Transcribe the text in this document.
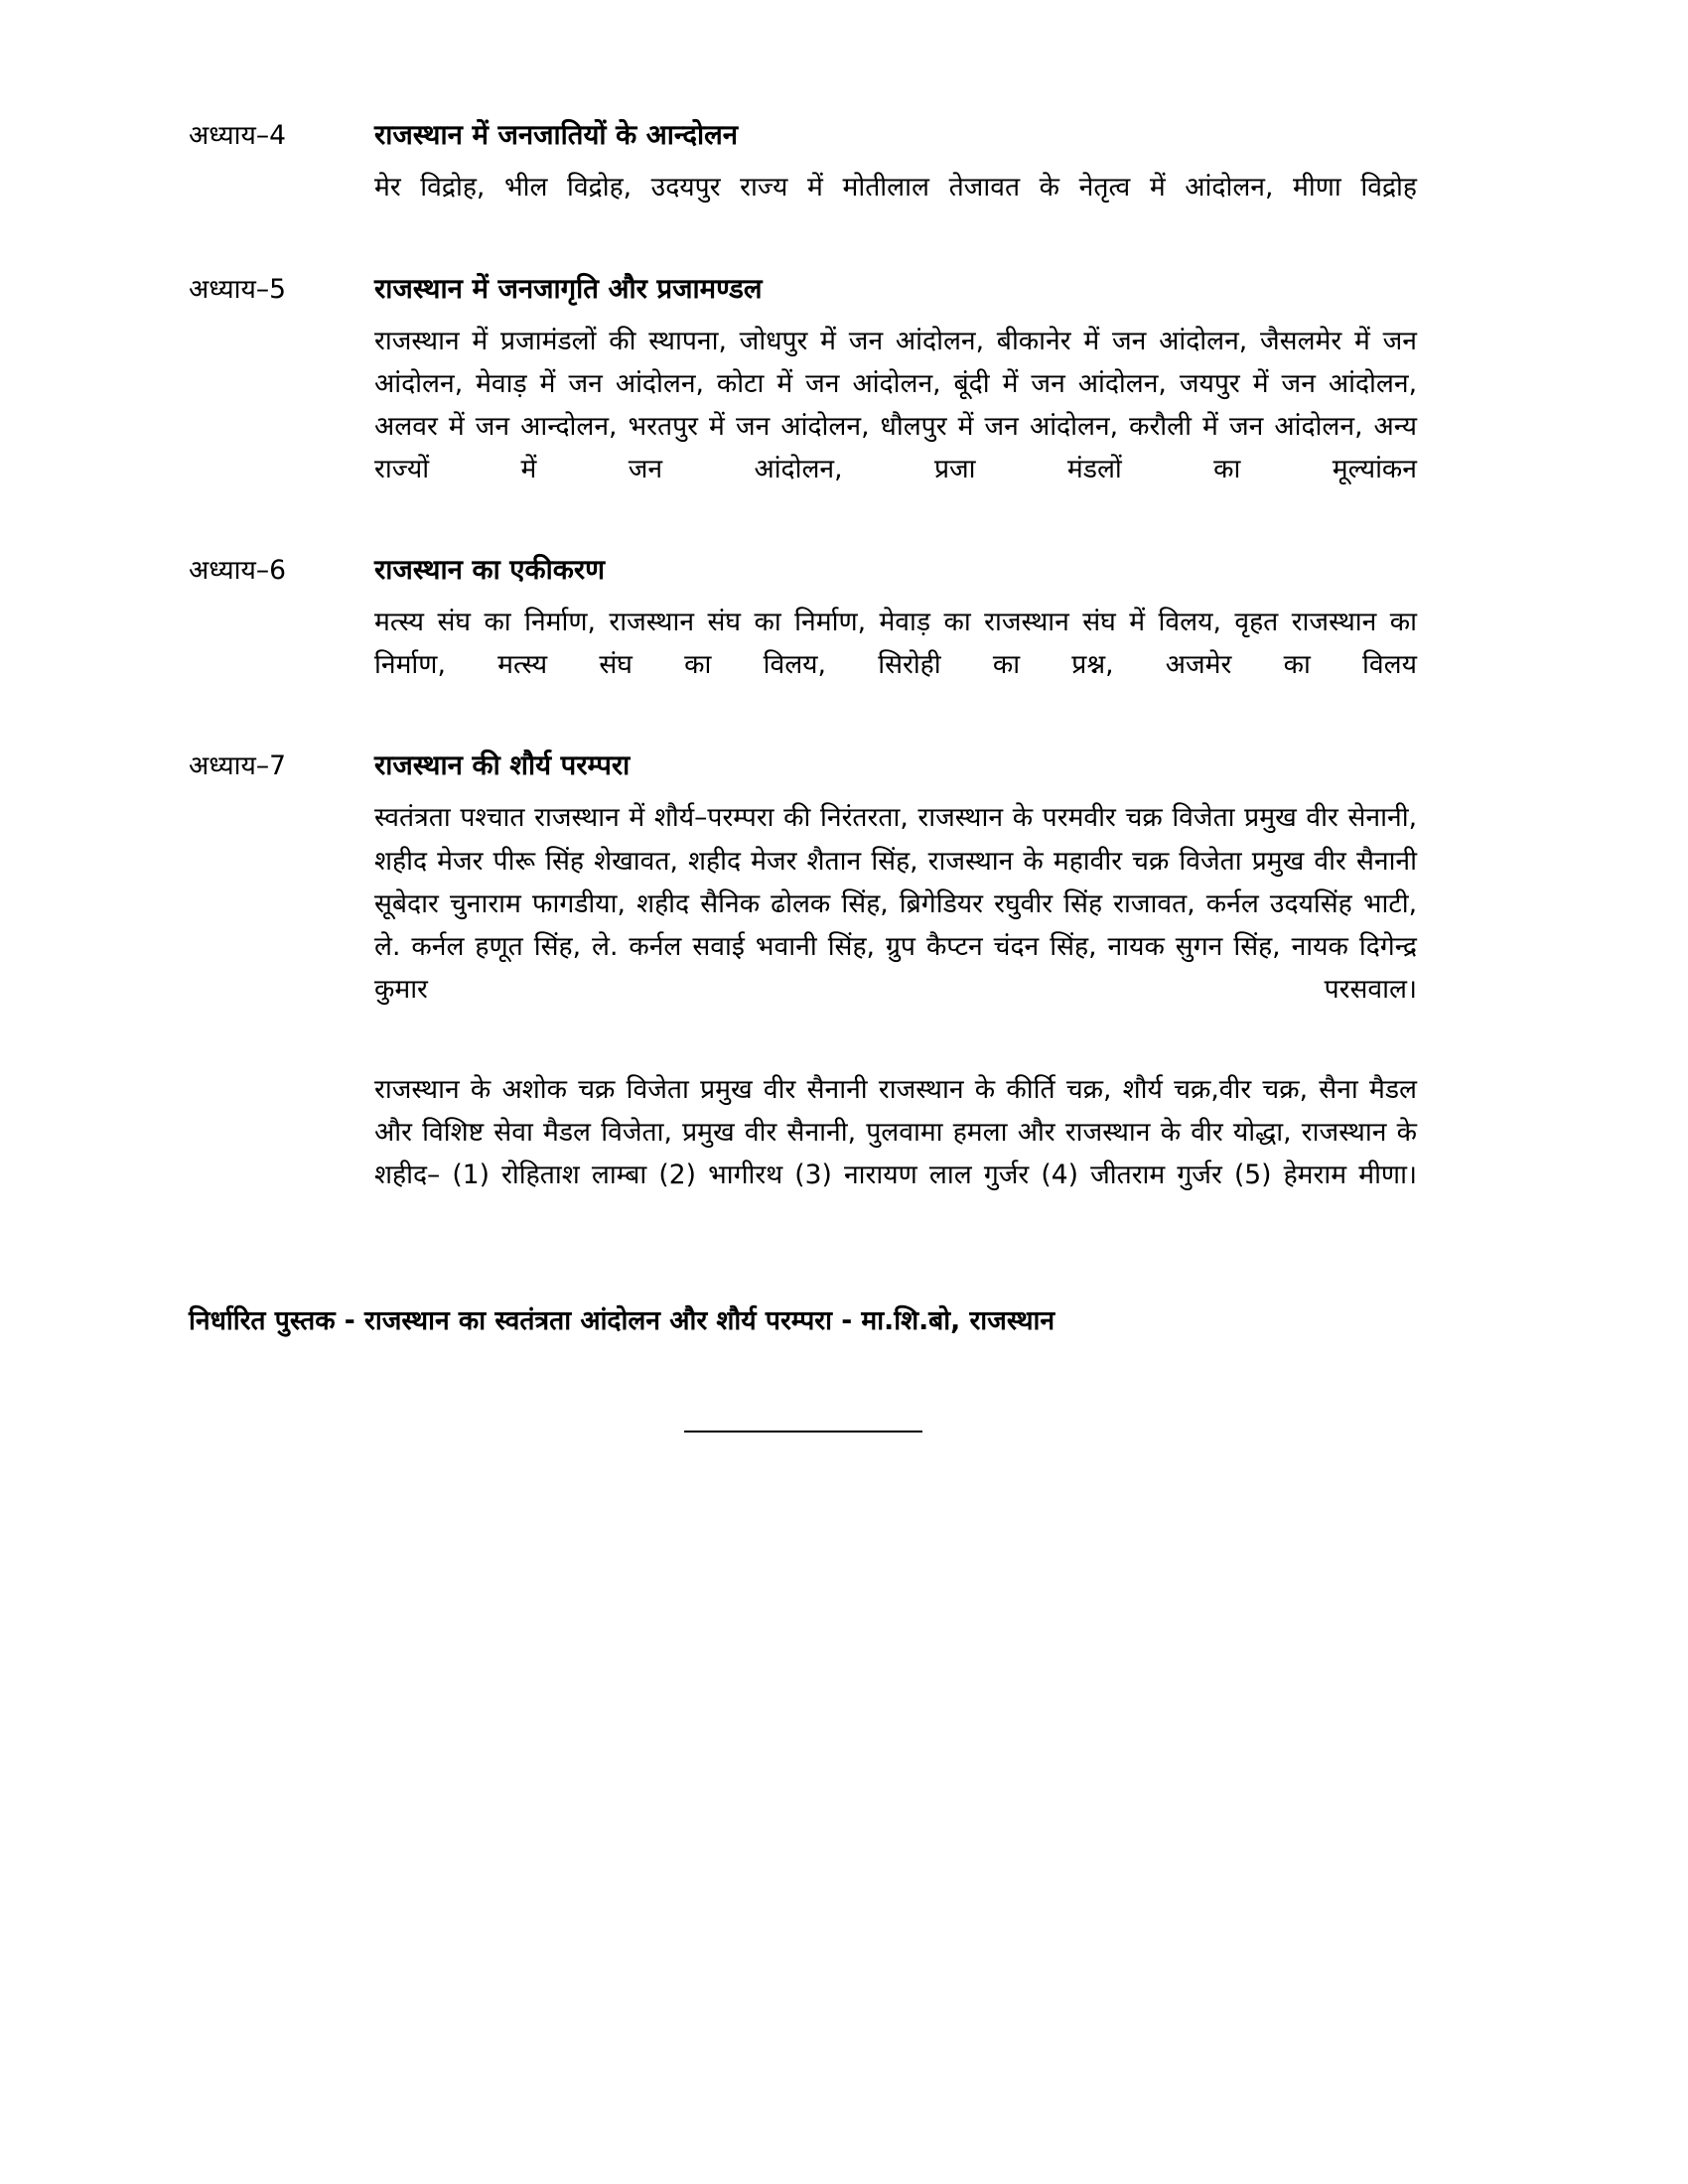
अध्याय–4	राजस्थान में जनजातियों के आन्दोलन

मेर विद्रोह, भील विद्रोह, उदयपुर राज्य में मोतीलाल तेजावत के नेतृत्व में आंदोलन, मीणा विद्रोह

अध्याय–5	राजस्थान में जनजागृति और प्रजामण्डल

राजस्थान में प्रजामंडलों की स्थापना, जोधपुर में जन आंदोलन, बीकानेर में जन आंदोलन, जैसलमेर में जन आंदोलन, मेवाड़ में जन आंदोलन, कोटा में जन आंदोलन, बूंदी में जन आंदोलन, जयपुर में जन आंदोलन, अलवर में जन आन्दोलन, भरतपुर में जन आंदोलन, धौलपुर में जन आंदोलन, करौली में जन आंदोलन, अन्य राज्यों में जन आंदोलन, प्रजा मंडलों का मूल्यांकन

अध्याय–6	राजस्थान का एकीकरण

मत्स्य संघ का निर्माण, राजस्थान संघ का निर्माण, मेवाड़ का राजस्थान संघ में विलय, वृहत राजस्थान का निर्माण, मत्स्य संघ का विलय, सिरोही का प्रश्न, अजमेर का विलय

अध्याय–7	राजस्थान की शौर्य परम्परा

स्वतंत्रता पश्चात राजस्थान में शौर्य–परम्परा की निरंतरता, राजस्थान के परमवीर चक्र विजेता प्रमुख वीर सेनानी, शहीद मेजर पीरू सिंह शेखावत, शहीद मेजर शैतान सिंह, राजस्थान के महावीर चक्र विजेता प्रमुख वीर सैनानी सूबेदार चुनाराम फागडीया, शहीद सैनिक ढोलक सिंह, ब्रिगेडियर रघुवीर सिंह राजावत, कर्नल उदयसिंह भाटी, ले. कर्नल हणूत सिंह, ले. कर्नल सवाई भवानी सिंह, ग्रुप कैप्टन चंदन सिंह, नायक सुगन सिंह, नायक दिगेन्द्र कुमार परसवाल।

राजस्थान के अशोक चक्र विजेता प्रमुख वीर सैनानी राजस्थान के कीर्ति चक्र, शौर्य चक्र,वीर चक्र, सैना मैडल और विशिष्ट सेवा मैडल विजेता, प्रमुख वीर सैनानी, पुलवामा हमला और राजस्थान के वीर योद्धा, राजस्थान के शहीद– (1) रोहिताश लाम्बा (2) भागीरथ (3) नारायण लाल गुर्जर (4) जीतराम गुर्जर (5) हेमराम मीणा।

निर्धारित पुस्तक - राजस्थान का स्वतंत्रता आंदोलन और शौर्य परम्परा - मा.शि.बो, राजस्थान
